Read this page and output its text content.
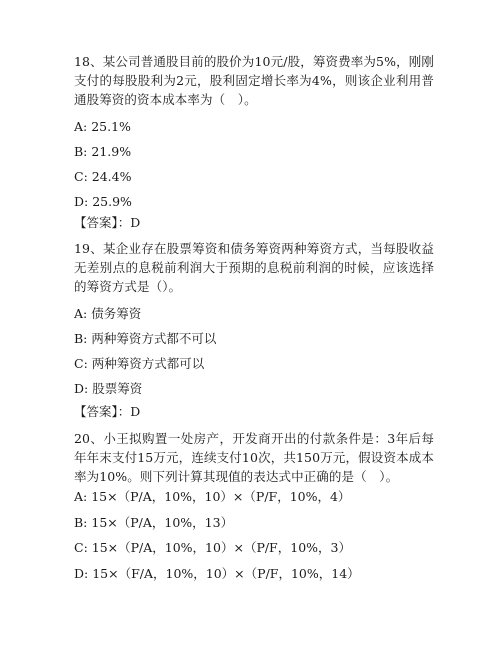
18、某公司普通股目前的股价为10元/股，筹资费率为5%，刚刚支付的每股股利为2元，股利固定增长率为4%，则该企业利用普通股筹资的资本成本率为（　）。

A: 25.1%

B: 21.9%

C: 24.4%

D: 25.9%

【答案】：D

19、某企业存在股票筹资和债务筹资两种筹资方式，当每股收益无差别点的息税前利润大于预期的息税前利润的时候，应该选择的筹资方式是（）。

A: 债务筹资

B: 两种筹资方式都不可以

C: 两种筹资方式都可以

D: 股票筹资

【答案】：D

20、小王拟购置一处房产，开发商开出的付款条件是：3年后每年年末支付15万元，连续支付10次，共150万元，假设资本成本率为10%。则下列计算其现值的表达式中正确的是（　）。

A: 15×（P/A，10%，10）×（P/F，10%，4）

B: 15×（P/A，10%，13）

C: 15×（P/A，10%，10）×（P/F，10%，3）

D: 15×（F/A，10%，10）×（P/F，10%，14）
